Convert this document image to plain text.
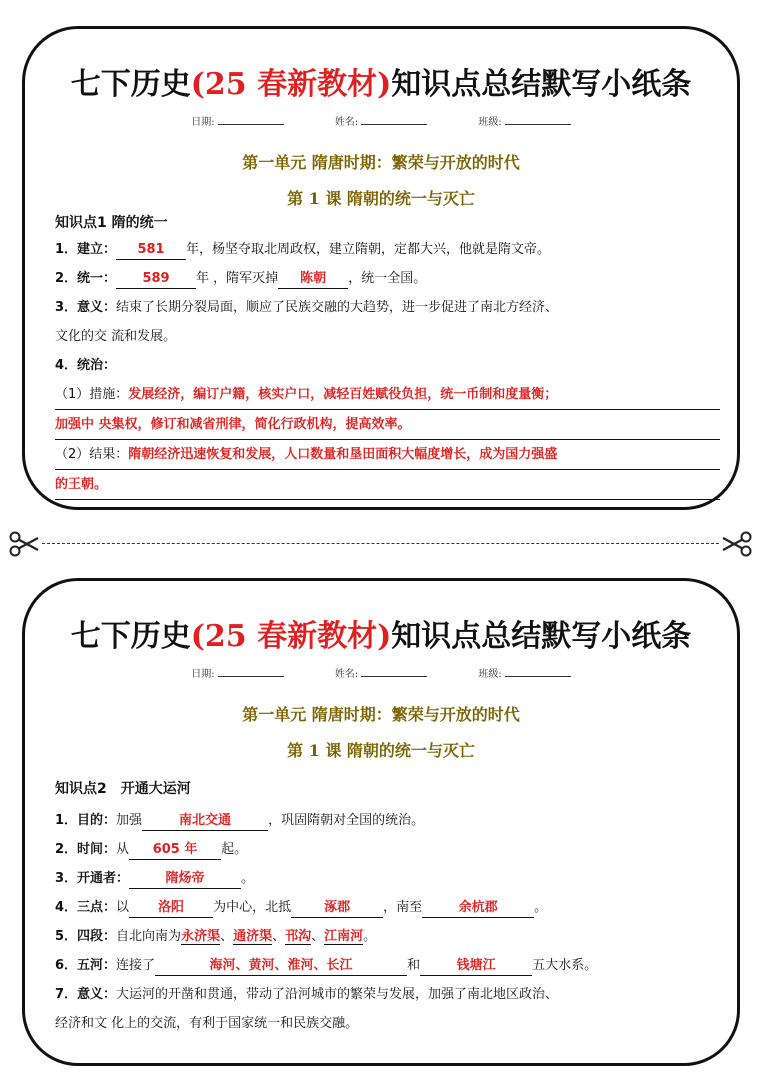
七下历史(25 春新教材)知识点总结默写小纸条
日期:	姓名:	班级:
第一单元 隋唐时期：繁荣与开放的时代
第 1 课 隋朝的统一与灭亡
知识点1 隋的统一
1．建立： 581 年，杨坚夺取北周政权，建立隋朝，定都大兴，他就是隋文帝。
2．统一： 589 年 ，隋军灭掉 陈朝 ，统一全国。
3．意义：结束了长期分裂局面，顺应了民族交融的大趋势，进一步促进了南北方经济、
文化的交 流和发展。
4．统治：
（1）措施：发展经济，编订户籍，核实户口，减轻百姓赋役负担，统一币制和度量衡；
加强中 央集权，修订和减省刑律，简化行政机构，提高效率。
（2）结果：隋朝经济迅速恢复和发展，人口数量和垦田面积大幅度增长，成为国力强盛
的王朝。
七下历史(25 春新教材)知识点总结默写小纸条
日期:	姓名:	班级:
第一单元 隋唐时期：繁荣与开放的时代
第 1 课 隋朝的统一与灭亡
知识点2　开通大运河
1．目的：加强	南北交通	，巩固隋朝对全国的统治。
2．时间：从 605 年 起。
3．开通者：	隋炀帝	。
4．三点：以 洛阳 为中心，北抵	涿郡	，南至	余杭郡	。
5．四段：自北向南为永济渠、通济渠、邗沟、江南河。
6．五河：连接了	海河、黄河、淮河、长江	和	钱塘江	五大水系。
7．意义：大运河的开凿和贯通，带动了沿河城市的繁荣与发展，加强了南北地区政治、
经济和文 化上的交流，有利于国家统一和民族交融。
